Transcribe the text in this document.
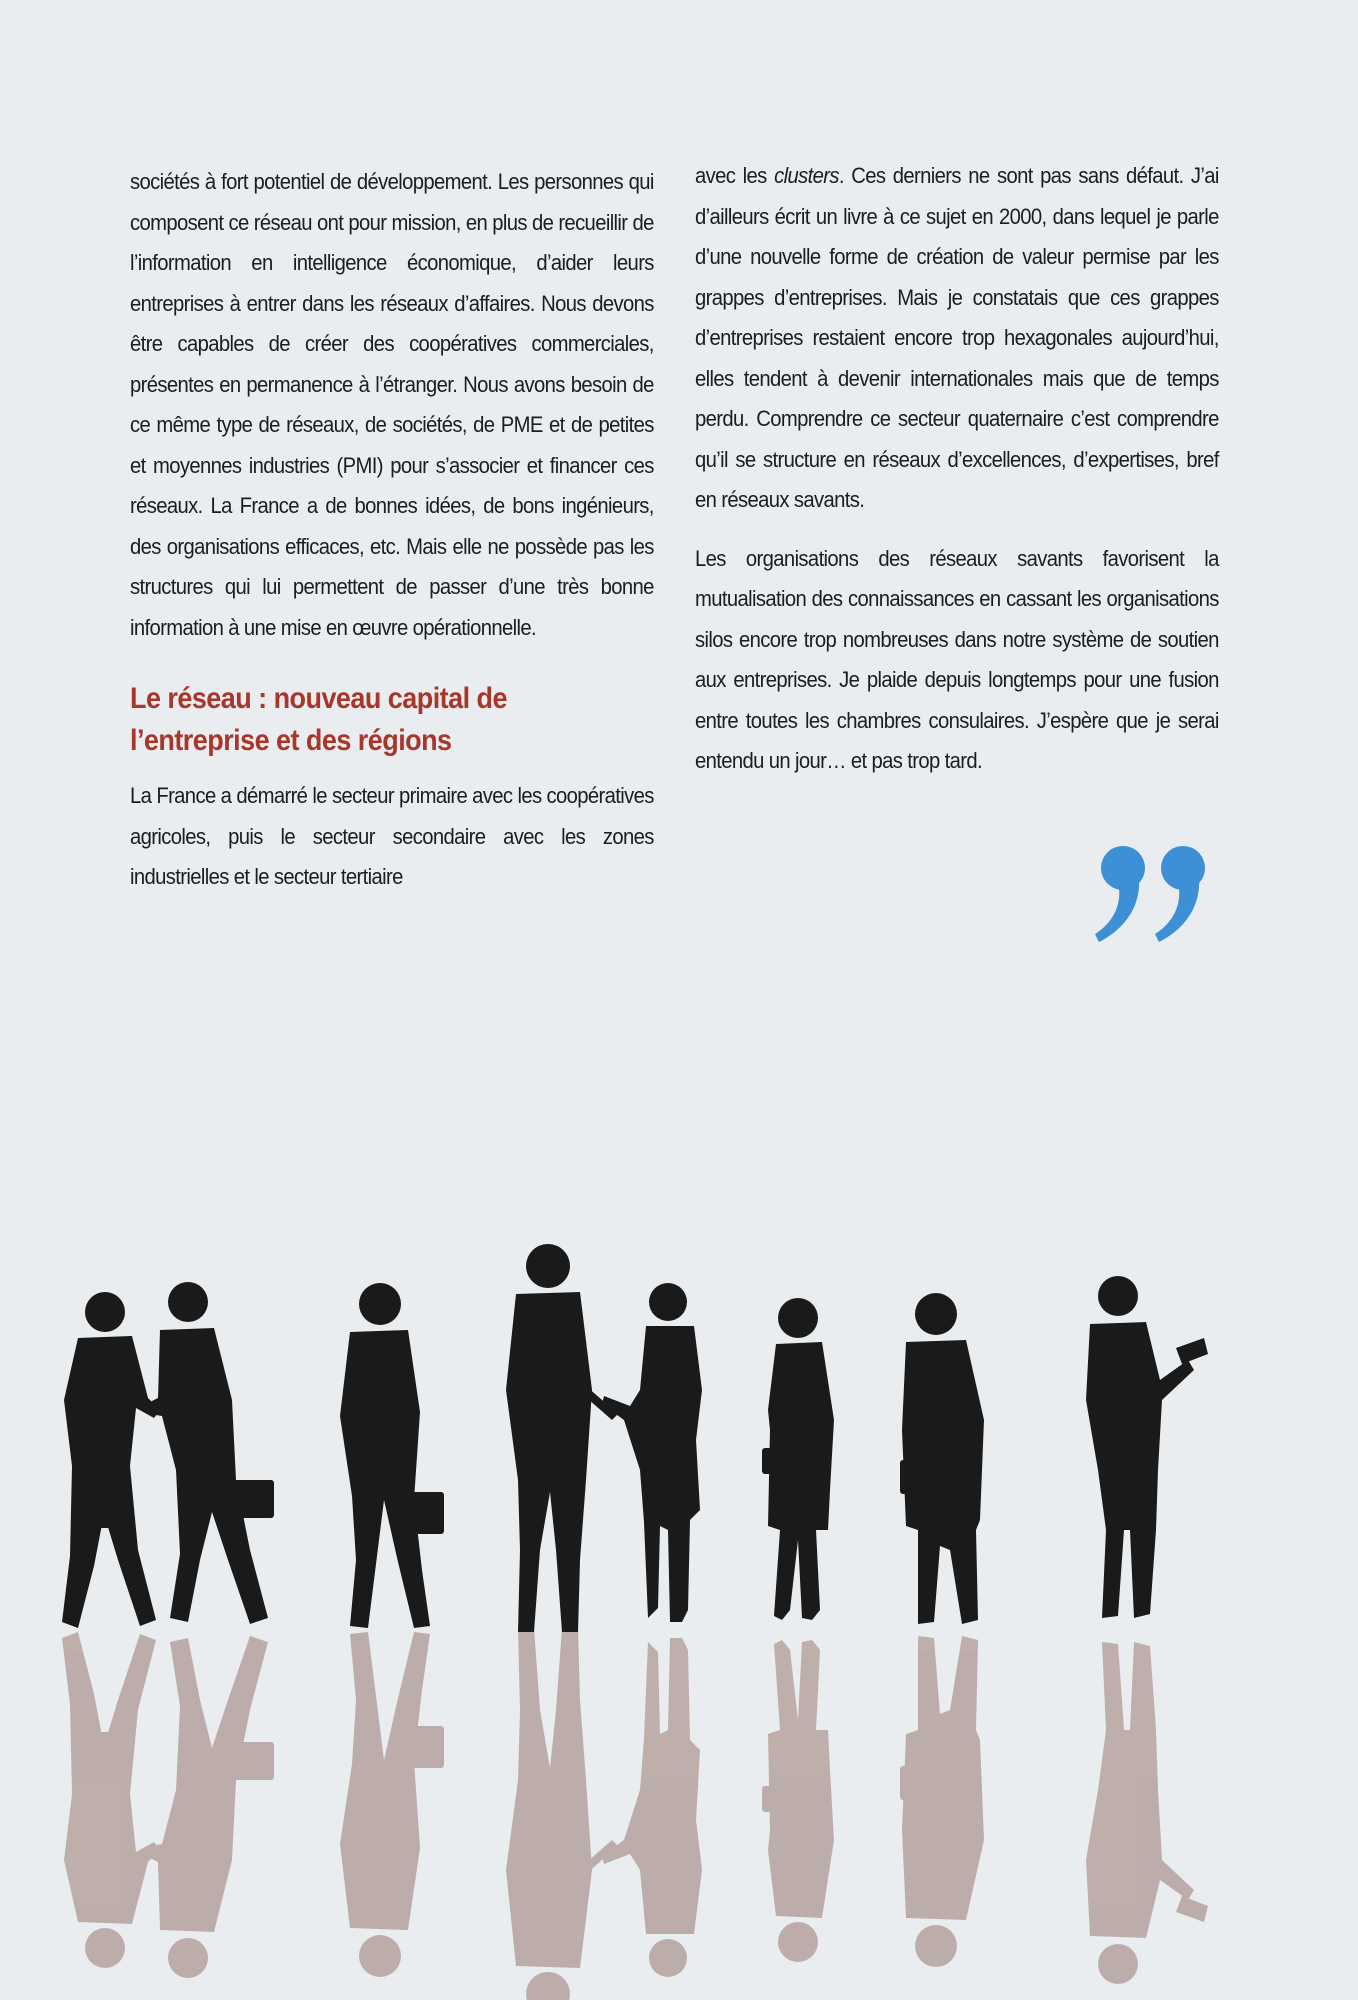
sociétés à fort potentiel de développement. Les personnes qui composent ce réseau ont pour mission, en plus de recueillir de l’information en intelligence économique, d’aider leurs entreprises à entrer dans les réseaux d’affaires. Nous devons être capables de créer des coopératives commerciales, présentes en permanence à l’étranger. Nous avons besoin de ce même type de réseaux, de sociétés, de PME et de petites et moyennes industries (PMI) pour s’associer et financer ces réseaux. La France a de bonnes idées, de bons ingénieurs, des organisations efficaces, etc. Mais elle ne possède pas les structures qui lui permettent de passer d’une très bonne information à une mise en œuvre opérationnelle.

Le réseau : nouveau capital de
l’entreprise et des régions

La France a démarré le secteur primaire avec les coopératives agricoles, puis le secteur secondaire avec les zones industrielles et le secteur tertiaire

avec les clusters. Ces derniers ne sont pas sans défaut. J’ai d’ailleurs écrit un livre à ce sujet en 2000, dans lequel je parle d’une nouvelle forme de création de valeur permise par les grappes d’entreprises. Mais je constatais que ces grappes d’entreprises restaient encore trop hexagonales aujourd’hui, elles tendent à devenir internationales mais que de temps perdu. Comprendre ce secteur quaternaire c’est comprendre qu’il se structure en réseaux d’excellences, d’expertises, bref en réseaux savants.

Les organisations des réseaux savants favorisent la mutualisation des connaissances en cassant les organisations silos encore trop nombreuses dans notre système de soutien aux entreprises. Je plaide depuis longtemps pour une fusion entre toutes les chambres consulaires. J’espère que je serai entendu un jour… et pas trop tard.
